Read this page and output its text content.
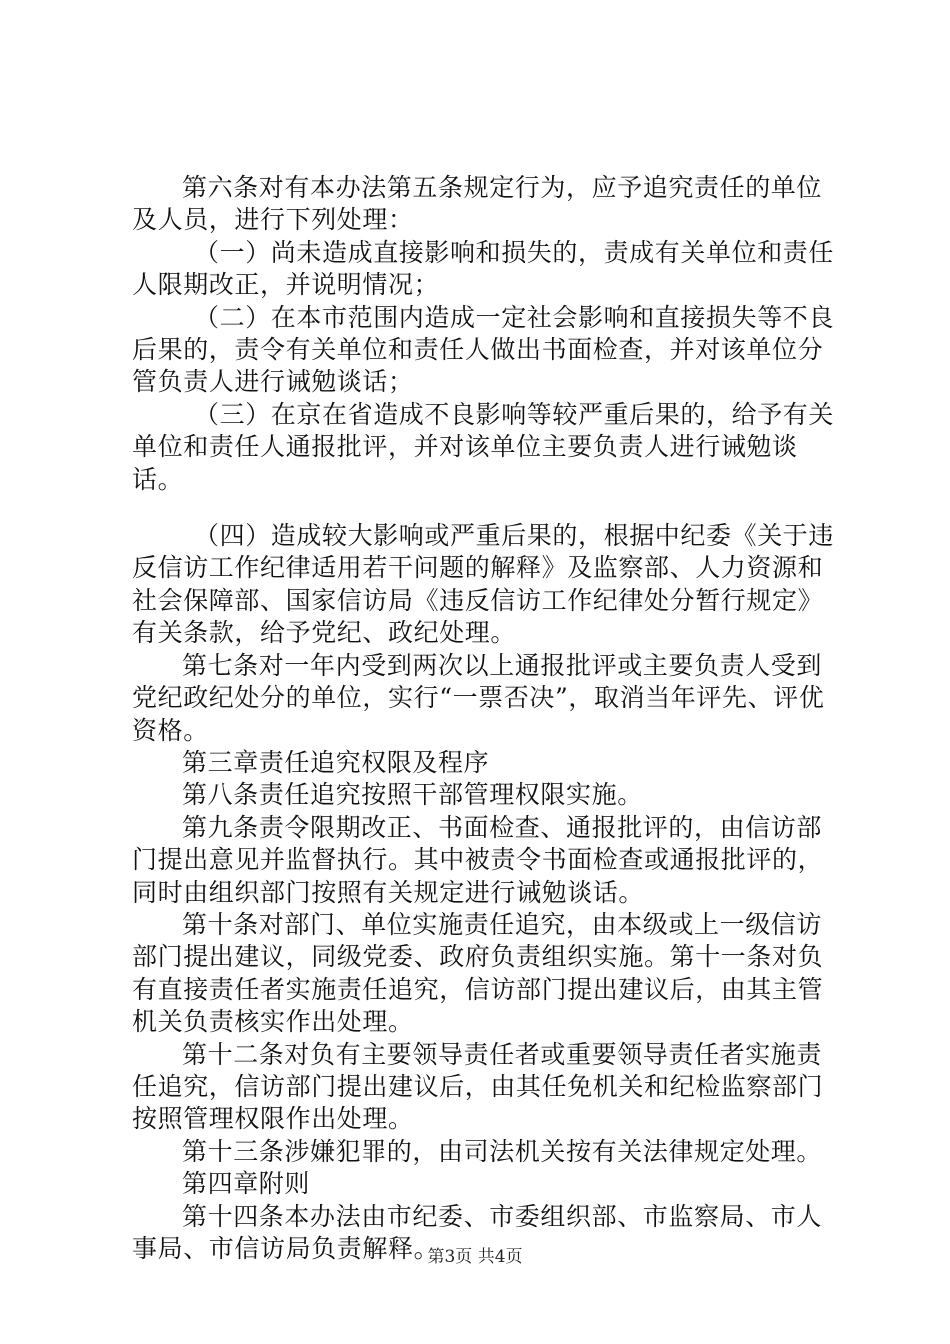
第六条对有本办法第五条规定行为，应予追究责任的单位及人员，进行下列处理：

（一）尚未造成直接影响和损失的，责成有关单位和责任人限期改正，并说明情况；

（二）在本市范围内造成一定社会影响和直接损失等不良后果的，责令有关单位和责任人做出书面检查，并对该单位分管负责人进行诫勉谈话；

（三）在京在省造成不良影响等较严重后果的，给予有关单位和责任人通报批评，并对该单位主要负责人进行诫勉谈话。

（四）造成较大影响或严重后果的，根据中纪委《关于违反信访工作纪律适用若干问题的解释》及监察部、人力资源和社会保障部、国家信访局《违反信访工作纪律处分暂行规定》有关条款，给予党纪、政纪处理。

第七条对一年内受到两次以上通报批评或主要负责人受到党纪政纪处分的单位，实行“一票否决”，取消当年评先、评优资格。

第三章责任追究权限及程序

第八条责任追究按照干部管理权限实施。

第九条责令限期改正、书面检查、通报批评的，由信访部门提出意见并监督执行。其中被责令书面检查或通报批评的，同时由组织部门按照有关规定进行诫勉谈话。

第十条对部门、单位实施责任追究，由本级或上一级信访部门提出建议，同级党委、政府负责组织实施。第十一条对负有直接责任者实施责任追究，信访部门提出建议后，由其主管机关负责核实作出处理。

第十二条对负有主要领导责任者或重要领导责任者实施责任追究，信访部门提出建议后，由其任免机关和纪检监察部门按照管理权限作出处理。

第十三条涉嫌犯罪的，由司法机关按有关法律规定处理。

第四章附则

第十四条本办法由市纪委、市委组织部、市监察局、市人事局、市信访局负责解释。

第3页 共4页
